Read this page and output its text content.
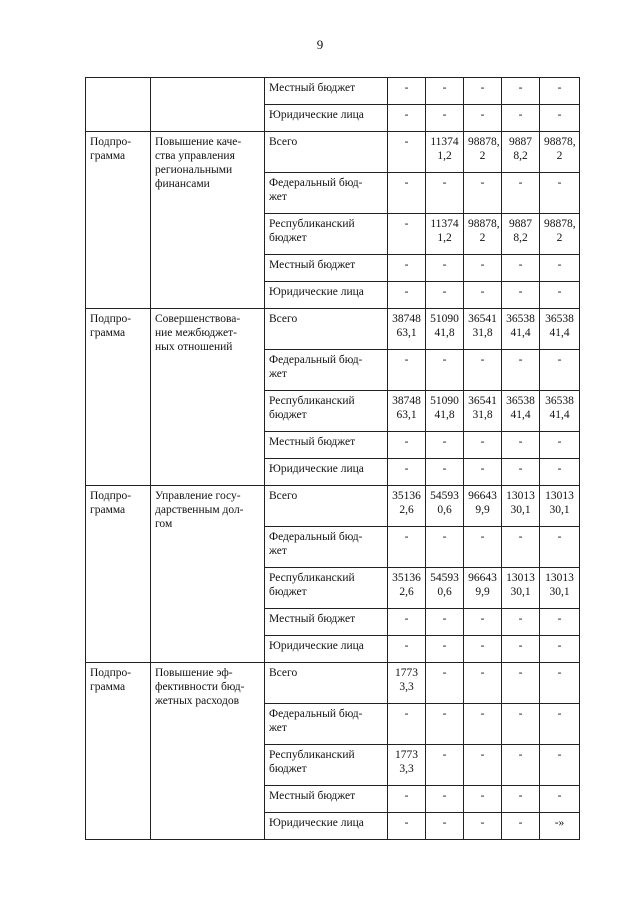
9

		Местный бюджет	-	-	-	-	-

		Юридические лица	-	-	-	-	-

Подпро-
грамма	Повышение каче-
ства управления
региональными
финансами	Всего	-	11374
1,2	98878,
2	9887
8,2	98878,
2

		Федеральный бюд-
жет	-	-	-	-	-

		Республиканский
бюджет	-	11374
1,2	98878,
2	9887
8,2	98878,
2

		Местный бюджет	-	-	-	-	-

		Юридические лица	-	-	-	-	-

Подпро-
грамма	Совершенствова-
ние межбюджет-
ных отношений	Всего	38748
63,1	51090
41,8	36541
31,8	36538
41,4	36538
41,4

		Федеральный бюд-
жет	-	-	-	-	-

		Республиканский
бюджет	38748
63,1	51090
41,8	36541
31,8	36538
41,4	36538
41,4

		Местный бюджет	-	-	-	-	-

		Юридические лица	-	-	-	-	-

Подпро-
грамма	Управление госу-
дарственным дол-
гом	Всего	35136
2,6	54593
0,6	96643
9,9	13013
30,1	13013
30,1

		Федеральный бюд-
жет	-	-	-	-	-

		Республиканский
бюджет	35136
2,6	54593
0,6	96643
9,9	13013
30,1	13013
30,1

		Местный бюджет	-	-	-	-	-

		Юридические лица	-	-	-	-	-

Подпро-
грамма	Повышение эф-
фективности бюд-
жетных расходов	Всего	1773
3,3	-	-	-	-

		Федеральный бюд-
жет	-	-	-	-	-

		Республиканский
бюджет	1773
3,3	-	-	-	-

		Местный бюджет	-	-	-	-	-

		Юридические лица	-	-	-	-	-»
